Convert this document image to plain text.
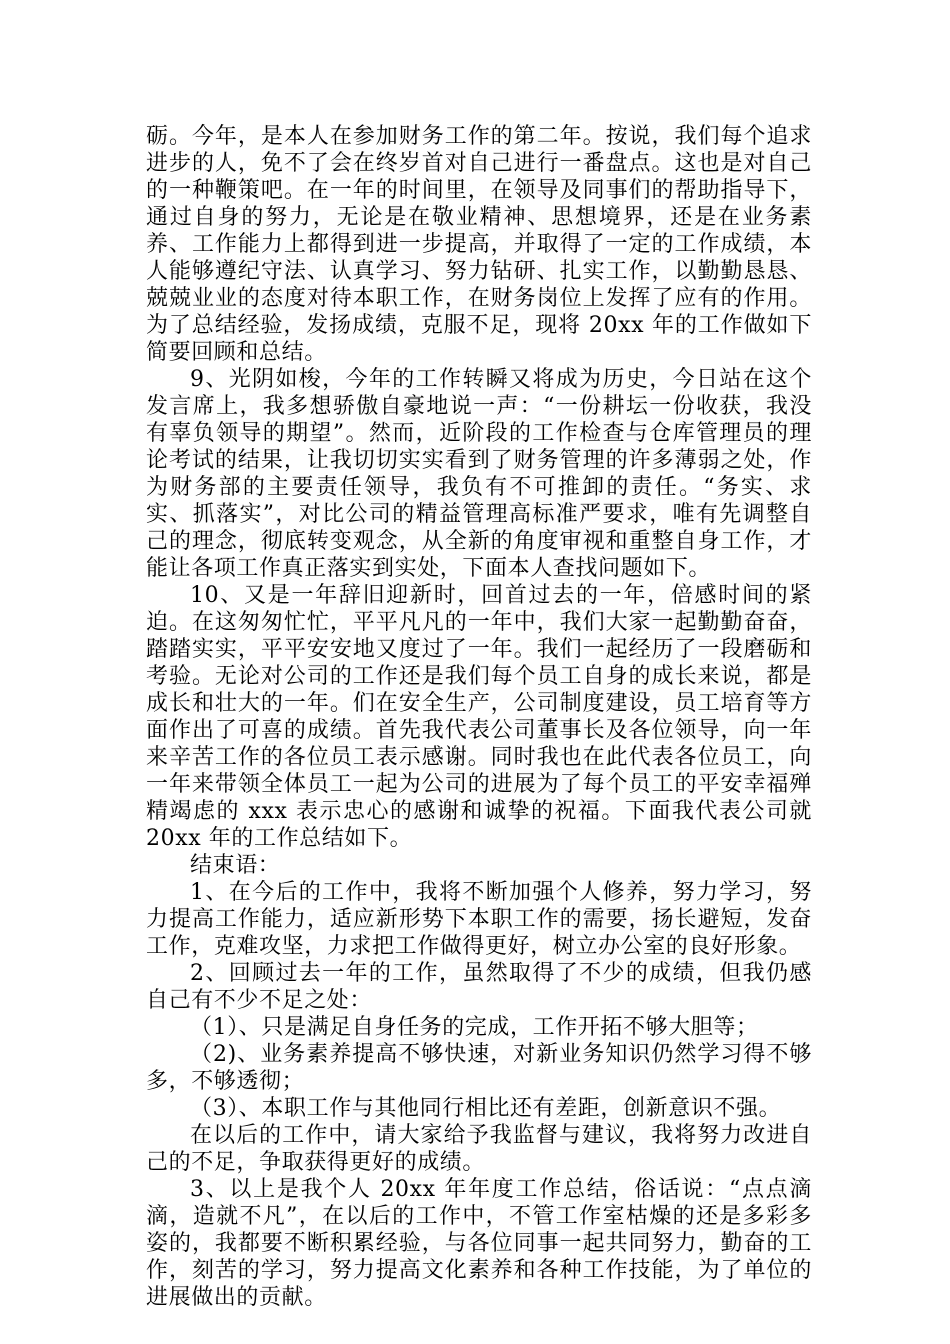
砺。今年，是本人在参加财务工作的第二年。按说，我们每个追求进步的人，免不了会在终岁首对自己进行一番盘点。这也是对自己的一种鞭策吧。在一年的时间里，在领导及同事们的帮助指导下，通过自身的努力，无论是在敬业精神、思想境界，还是在业务素养、工作能力上都得到进一步提高，并取得了一定的工作成绩，本人能够遵纪守法、认真学习、努力钻研、扎实工作，以勤勤恳恳、兢兢业业的态度对待本职工作，在财务岗位上发挥了应有的作用。为了总结经验，发扬成绩，克服不足，现将 20xx 年的工作做如下简要回顾和总结。

9、光阴如梭，今年的工作转瞬又将成为历史，今日站在这个发言席上，我多想骄傲自豪地说一声：“一份耕坛一份收获，我没有辜负领导的期望”。然而，近阶段的工作检查与仓库管理员的理论考试的结果，让我切切实实看到了财务管理的许多薄弱之处，作为财务部的主要责任领导，我负有不可推卸的责任。“务实、求实、抓落实”，对比公司的精益管理高标准严要求，唯有先调整自己的理念，彻底转变观念，从全新的角度审视和重整自身工作，才能让各项工作真正落实到实处，下面本人查找问题如下。

10、又是一年辞旧迎新时，回首过去的一年，倍感时间的紧迫。在这匆匆忙忙，平平凡凡的一年中，我们大家一起勤勤奋奋，踏踏实实，平平安安地又度过了一年。我们一起经历了一段磨砺和考验。无论对公司的工作还是我们每个员工自身的成长来说，都是成长和壮大的一年。们在安全生产，公司制度建设，员工培育等方面作出了可喜的成绩。首先我代表公司董事长及各位领导，向一年来辛苦工作的各位员工表示感谢。同时我也在此代表各位员工，向一年来带领全体员工一起为公司的进展为了每个员工的平安幸福殚精竭虑的 xxx 表示忠心的感谢和诚挚的祝福。下面我代表公司就 20xx 年的工作总结如下。

结束语：

1、在今后的工作中，我将不断加强个人修养，努力学习，努力提高工作能力，适应新形势下本职工作的需要，扬长避短，发奋工作，克难攻坚，力求把工作做得更好，树立办公室的良好形象。

2、回顾过去一年的工作，虽然取得了不少的成绩，但我仍感自己有不少不足之处：

（1）、只是满足自身任务的完成，工作开拓不够大胆等；

（2)、业务素养提高不够快速，对新业务知识仍然学习得不够多，不够透彻；

（3）、本职工作与其他同行相比还有差距，创新意识不强。

在以后的工作中，请大家给予我监督与建议，我将努力改进自己的不足，争取获得更好的成绩。

3、以上是我个人 20xx 年年度工作总结，俗话说：“点点滴滴，造就不凡”，在以后的工作中，不管工作室枯燥的还是多彩多姿的，我都要不断积累经验，与各位同事一起共同努力，勤奋的工作，刻苦的学习，努力提高文化素养和各种工作技能，为了单位的进展做出的贡献。
